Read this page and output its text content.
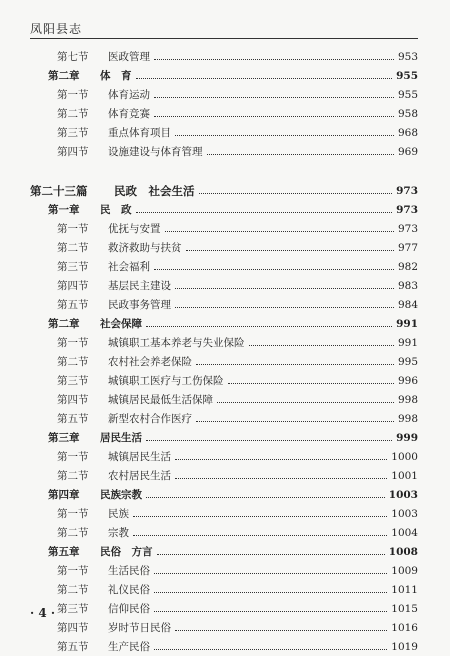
凤阳县志
第七节 医政管理	953
第二章 体　育	955
第一节 体育运动	955
第二节 体育竞赛	958
第三节 重点体育项目	968
第四节 设施建设与体育管理	969
第二十三篇 民政　社会生活	973
第一章 民　政	973
第一节 优抚与安置	973
第二节 救济救助与扶贫	977
第三节 社会福利	982
第四节 基层民主建设	983
第五节 民政事务管理	984
第二章 社会保障	991
第一节 城镇职工基本养老与失业保险	991
第二节 农村社会养老保险	995
第三节 城镇职工医疗与工伤保险	996
第四节 城镇居民最低生活保障	998
第五节 新型农村合作医疗	998
第三章 居民生活	999
第一节 城镇居民生活	1000
第二节 农村居民生活	1001
第四章 民族宗教	1003
第一节 民族	1003
第二节 宗教	1004
第五章 民俗　方言	1008
第一节 生活民俗	1009
第二节 礼仪民俗	1011
第三节 信仰民俗	1015
第四节 岁时节日民俗	1016
第五节 生产民俗	1019
· 4 ·
